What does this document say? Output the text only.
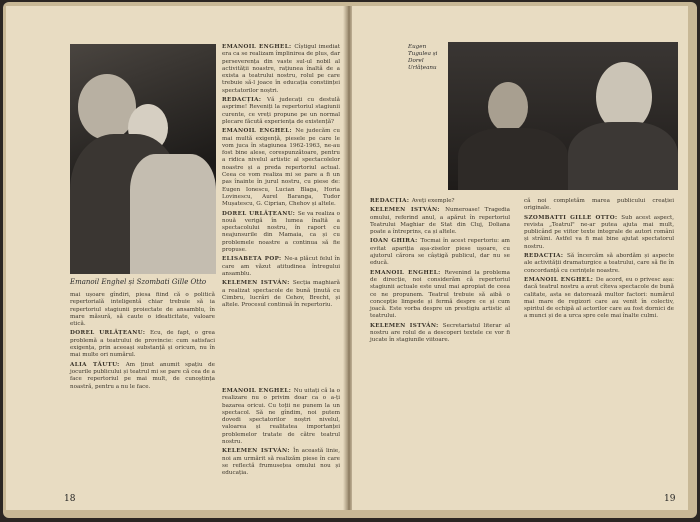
Emanoil Enghel și Szombati Gille Otto

EMANOIL ENGHEL: Cîștigul imediat era ca se realizam împlinirea de plus, dar perseverența din vaste sul-ul nobil al activității noastre, rațiunea înaltă de a exista a teatrului nostru, rolul pe care trebuie să-l joace în educația constiinței spectatorilor noștri.

REDACȚIA: Vă judecați cu destulă asprime! Reveniți la repertoriul stagiunii curente, ce vreți propune pe un normal plecare făcută experiența de existență?

EMANOIL ENGHEL: Ne judecăm cu mai multă exigență, piesele pe care le vom juca în stagiunea 1962-1963, ne-au fost bine alese, corespunzătoare, pentru a ridica nivelul artistic al spectacolelor noastre și a preda repertoriul actual. Ceea ce vom realiza mi se pare a fi un pas înainte în jurul nostru, cu piese de: Eugen Ionescu, Lucian Blaga, Horia Lovinescu, Aurel Baranga, Tudor Mușatescu, G. Ciprian, Chehov și altele.

DOREL URLĂȚEANU: Se va realiza o nouă verigă în lumea înaltă a spectacolului nostru, în raport cu neajunsurile din Mamaia, ca și cu problemele noastre a continua să fie propuse.

ELISABETA POP: Ne-a plăcut felul în care am văzut atitudinea întregului ansamblu.

KELEMEN ISTVÁN: Secția maghiară a realizat spectacole de bună ținută cu Cimbru, lucrări de Cehov, Brecht, și altele. Procesul continuă în repertoriu.

mai ușoare gîndiri, piesa fiind că o politică repertorială inteligentă chiar trebuie să ia repertoriul stagiunii proiectate de ansamblu, în mare măsură, să caute o ideaticitate, valoare etică.

DOREL URLĂȚEANU: Ecu, de fapt, o grea problemă a teatrului de provincie: cum satisfaci exigența, prin aceeași substanță și oricum, nu în mai multe ori numărul.

ALIA TĂUTU: Am ținut anumit spațiu de jocurile publicului și teatrul mi se pare că cea de a face repertoriul pe mai mult, de cunoștința noastră, pentru a nu le face.

EMANOIL ENGHEL: Nu uitați că la o realizare nu o privim doar ca o a-ți bazarea oricui. Cu toții ne punem la un spectacol. Să ne gîndim, noi putem dovedi spectatorilor noștri nivelul, valoarea și realitatea importanței problemelor tratate de către teatrul nostru.

KELEMEN ISTVÁN: În această linie, noi am urmărit să realizăm piese în care se reflectă frumusețea omului nou și educația.

18
Eugen Tugulea și Dorel Urlățeanu

REDACȚIA: Aveți exemple?

KELEMEN ISTVÁN: Numeroase! Tragedia omului, referind anul, a apărut în repertoriul Teatrului Maghiar de Stat din Cluj, Doliana poate a întreprins, ca și altele.

IOAN GHIRA: Tocmai în acest repertoriu: am evitat apariția așa-ziselor piese ușoare, cu ajutorul cărora se câștigă publicul, dar nu se educă.

EMANOIL ENGHEL: Revenind la problema de direcție, noi considerăm că repertoriul stagiunii actuale este unul mai apropiat de ceea ce ne propunem. Teatrul trebuie să aibă o concepție limpede și fermă despre ce și cum joacă. Este vorba despre un prestigiu artistic al teatrului.

KELEMEN ISTVÁN: Secretariatul literar al nostru are rolul de a descoperi textele ce vor fi jucate în stagiunile viitoare.

că noi completăm marea publicului creației originale.

SZOMBATTI GILLE OTTO: Sub acest aspect, revista „Teatrul" ne-ar putea ajuta mai mult, publicând pe viitor texte integrale de autori români și străini. Astfel va fi mai bine ajutat spectatorul nostru.

REDACȚIA: Să încercăm să abordăm și aspecte ale activității dramaturgice a teatrului, care să fie în concordanță cu cerințele noastre.

EMANOIL ENGHEL: De acord, eu o privesc așa: dacă teatrul nostru a avut cîteva spectacole de bună calitate, asta se datorează multor factori: numărul mai mare de regizori care au venit în colectiv, spiritul de echipă al actorilor care au fost dornici de a munci și de a urca spre cele mai înalte culmi.

19
